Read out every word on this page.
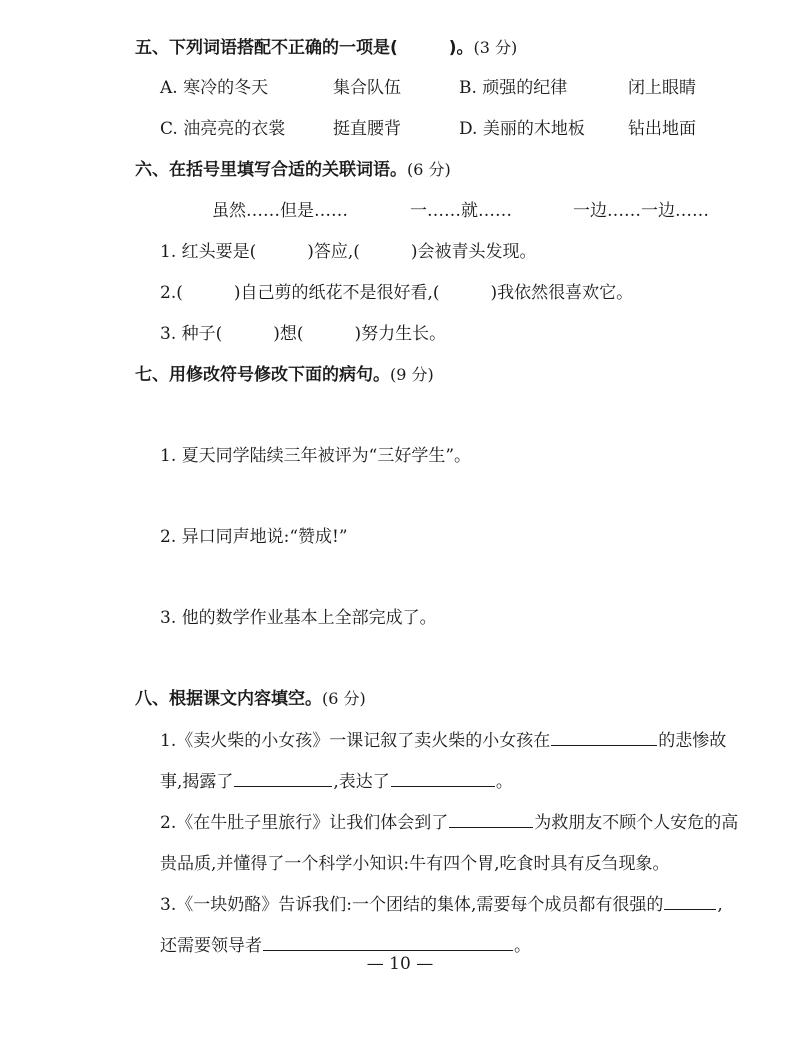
五、下列词语搭配不正确的一项是(　　　)。(3 分)
A. 寒冷的冬天	集合队伍	B. 顽强的纪律	闭上眼睛
C. 油亮亮的衣裳	挺直腰背	D. 美丽的木地板	钻出地面
六、在括号里填写合适的关联词语。(6 分)
虽然……但是……	一……就……	一边……一边……
1. 红头要是(　　　)答应,(　　　)会被青头发现。
2.(　　　)自己剪的纸花不是很好看,(　　　)我依然很喜欢它。
3. 种子(　　　)想(　　　)努力生长。
七、用修改符号修改下面的病句。(9 分)
1. 夏天同学陆续三年被评为“三好学生”。
2. 异口同声地说:“赞成!”
3. 他的数学作业基本上全部完成了。
八、根据课文内容填空。(6 分)
1.《卖火柴的小女孩》一课记叙了卖火柴的小女孩在	的悲惨故
事,揭露了	,表达了	。
2.《在牛肚子里旅行》让我们体会到了	为救朋友不顾个人安危的高
贵品质,并懂得了一个科学小知识:牛有四个胃,吃食时具有反刍现象。
3.《一块奶酪》告诉我们:一个团结的集体,需要每个成员都有很强的	,
还需要领导者	。
— 10 —
